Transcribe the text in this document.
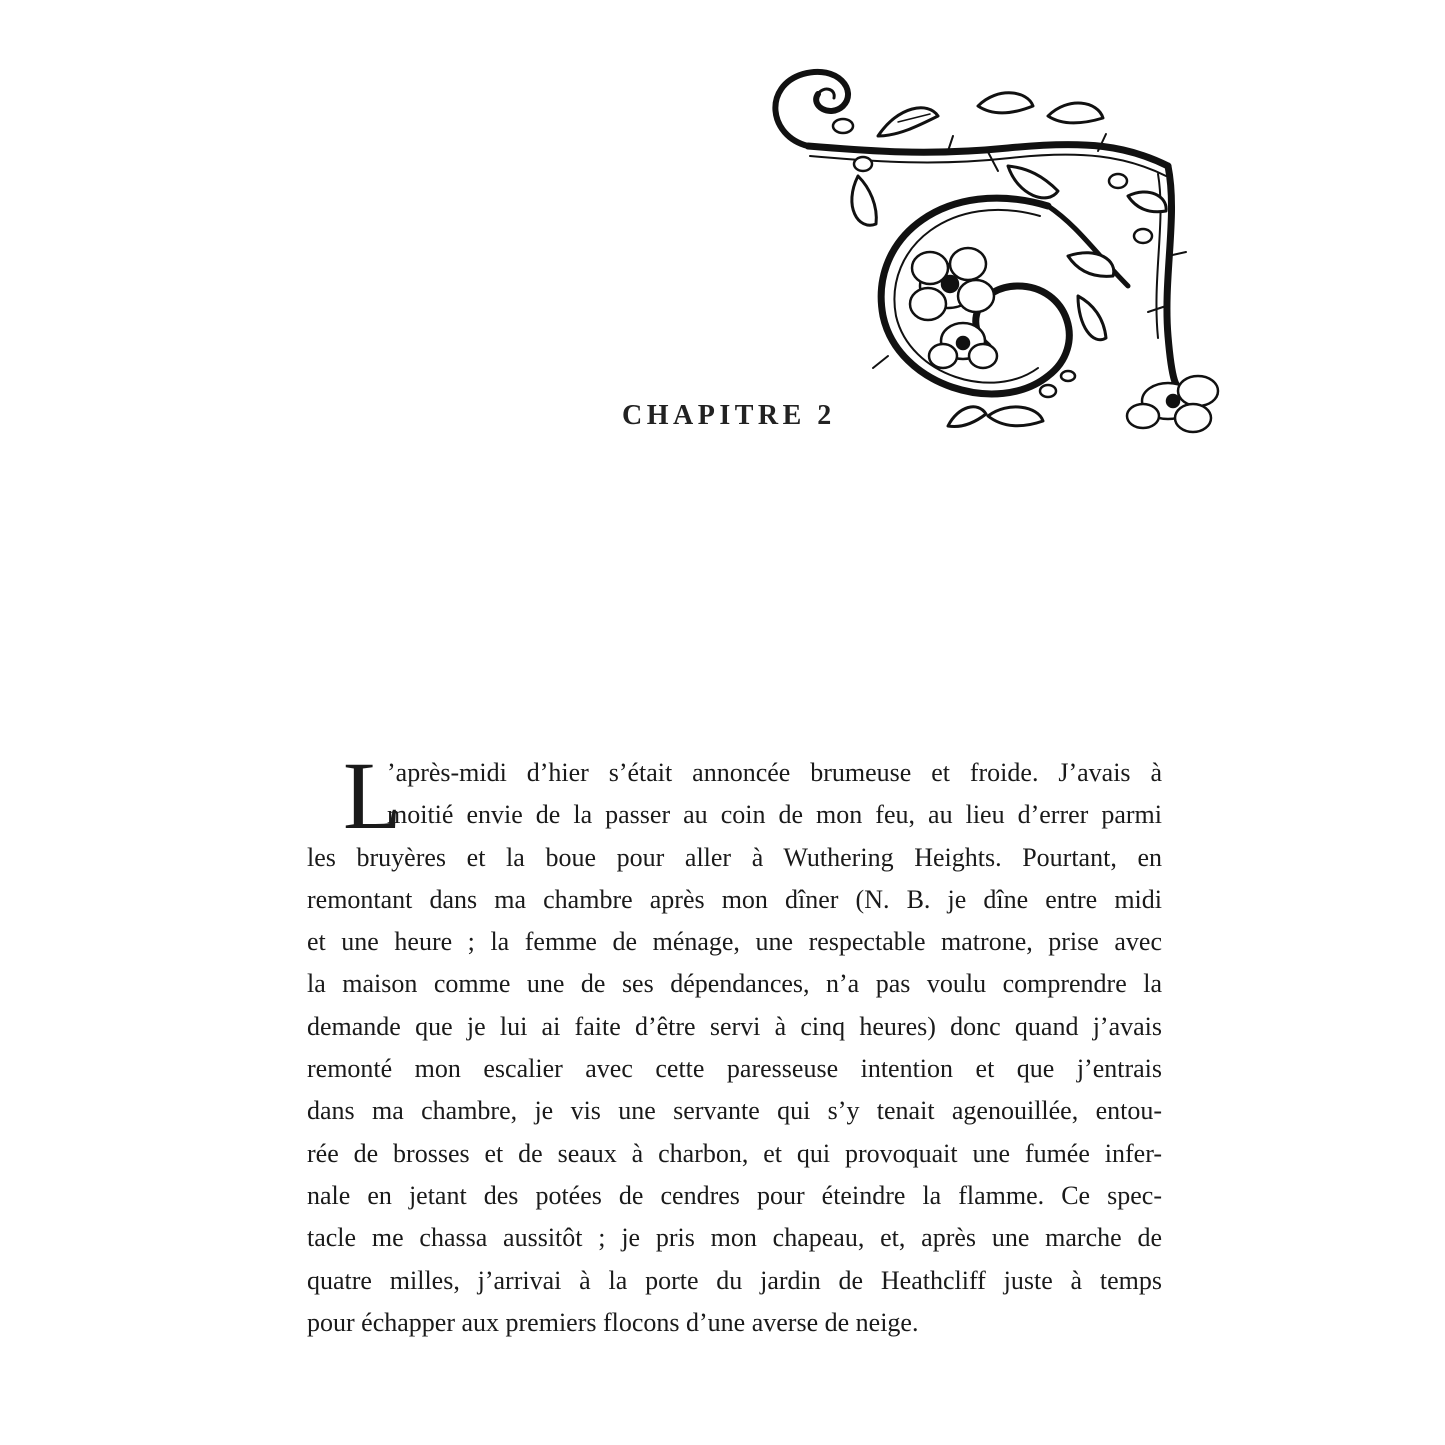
CHAPITRE 2
L
’après-midi d’hier s’était annoncée brumeuse et froide. J’avais à
moitié envie de la passer au coin de mon feu, au lieu d’errer parmi
les bruyères et la boue pour aller à Wuthering Heights. Pourtant, en
remontant dans ma chambre après mon dîner (N. B. je dîne entre midi
et une heure ; la femme de ménage, une respectable matrone, prise avec
la maison comme une de ses dépendances, n’a pas voulu comprendre la
demande que je lui ai faite d’être servi à cinq heures) donc quand j’avais
remonté mon escalier avec cette paresseuse intention et que j’entrais
dans ma chambre, je vis une servante qui s’y tenait agenouillée, entou-
rée de brosses et de seaux à charbon, et qui provoquait une fumée infer-
nale en jetant des potées de cendres pour éteindre la flamme. Ce spec-
tacle me chassa aussitôt ; je pris mon chapeau, et, après une marche de
quatre milles, j’arrivai à la porte du jardin de Heathcliff juste à temps
pour échapper aux premiers flocons d’une averse de neige.
